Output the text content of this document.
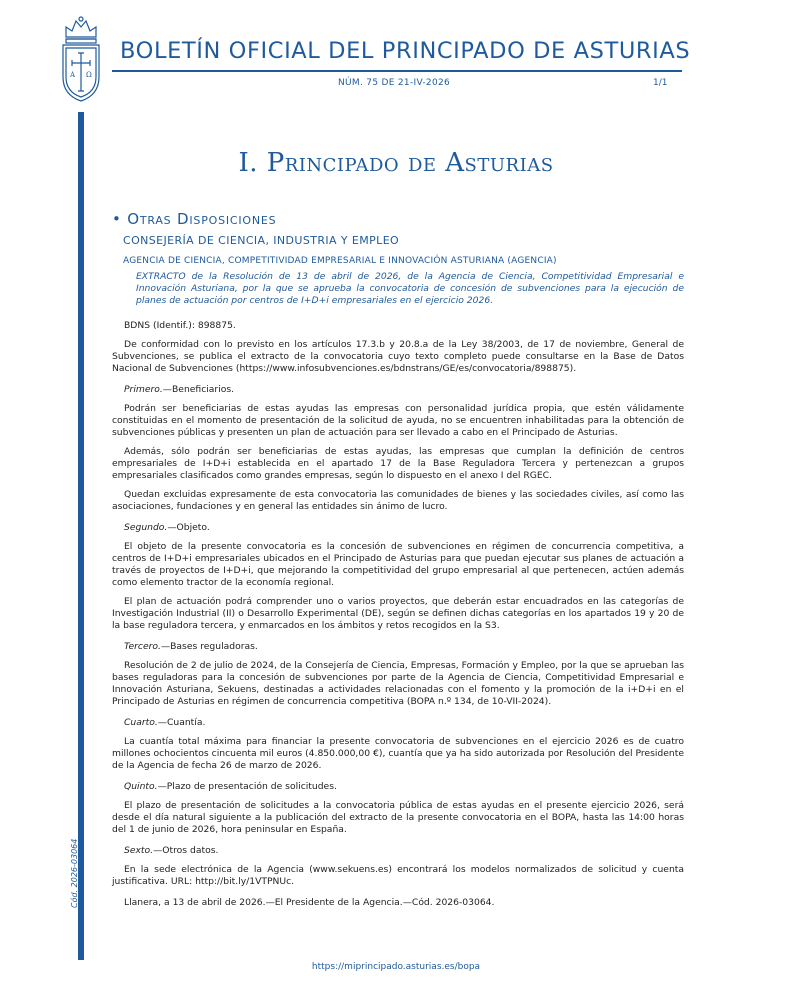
A Ω
BOLETÍN OFICIAL DEL PRINCIPADO DE ASTURIAS
NÚM. 75 DE 21-IV-2026	1/1
Cód. 2026-03064
I. Principado de Asturias
• Otras Disposiciones
CONSEJERÍA DE CIENCIA, INDUSTRIA Y EMPLEO
AGENCIA DE CIENCIA, COMPETITIVIDAD EMPRESARIAL E INNOVACIÓN ASTURIANA (AGENCIA)
EXTRACTO de la Resolución de 13 de abril de 2026, de la Agencia de Ciencia, Competitividad Empresarial e Innovación Asturiana, por la que se aprueba la convocatoria de concesión de subvenciones para la ejecución de planes de actuación por centros de I+D+i empresariales en el ejercicio 2026.

BDNS (Identif.): 898875.

De conformidad con lo previsto en los artículos 17.3.b y 20.8.a de la Ley 38/2003, de 17 de noviembre, General de Subvenciones, se publica el extracto de la convocatoria cuyo texto completo puede consultarse en la Base de Datos Nacional de Subvenciones (https://www.infosubvenciones.es/bdnstrans/GE/es/convocatoria/898875).

Primero.—Beneficiarios.

Podrán ser beneficiarias de estas ayudas las empresas con personalidad jurídica propia, que estén válidamente constituidas en el momento de presentación de la solicitud de ayuda, no se encuentren inhabilitadas para la obtención de subvenciones públicas y presenten un plan de actuación para ser llevado a cabo en el Principado de Asturias.

Además, sólo podrán ser beneficiarias de estas ayudas, las empresas que cumplan la definición de centros empresariales de I+D+i establecida en el apartado 17 de la Base Reguladora Tercera y pertenezcan a grupos empresariales clasificados como grandes empresas, según lo dispuesto en el anexo I del RGEC.

Quedan excluidas expresamente de esta convocatoria las comunidades de bienes y las sociedades civiles, así como las asociaciones, fundaciones y en general las entidades sin ánimo de lucro.

Segundo.—Objeto.

El objeto de la presente convocatoria es la concesión de subvenciones en régimen de concurrencia competitiva, a centros de I+D+i empresariales ubicados en el Principado de Asturias para que puedan ejecutar sus planes de actuación a través de proyectos de I+D+i, que mejorando la competitividad del grupo empresarial al que pertenecen, actúen además como elemento tractor de la economía regional.

El plan de actuación podrá comprender uno o varios proyectos, que deberán estar encuadrados en las categorías de Investigación Industrial (II) o Desarrollo Experimental (DE), según se definen dichas categorías en los apartados 19 y 20 de la base reguladora tercera, y enmarcados en los ámbitos y retos recogidos en la S3.

Tercero.—Bases reguladoras.

Resolución de 2 de julio de 2024, de la Consejería de Ciencia, Empresas, Formación y Empleo, por la que se aprueban las bases reguladoras para la concesión de subvenciones por parte de la Agencia de Ciencia, Competitividad Empresarial e Innovación Asturiana, Sekuens, destinadas a actividades relacionadas con el fomento y la promoción de la i+D+i en el Principado de Asturias en régimen de concurrencia competitiva (BOPA n.º 134, de 10-VII-2024).

Cuarto.—Cuantía.

La cuantía total máxima para financiar la presente convocatoria de subvenciones en el ejercicio 2026 es de cuatro millones ochocientos cincuenta mil euros (4.850.000,00 €), cuantía que ya ha sido autorizada por Resolución del Presidente de la Agencia de fecha 26 de marzo de 2026.

Quinto.—Plazo de presentación de solicitudes.

El plazo de presentación de solicitudes a la convocatoria pública de estas ayudas en el presente ejercicio 2026, será desde el día natural siguiente a la publicación del extracto de la presente convocatoria en el BOPA, hasta las 14:00 horas del 1 de junio de 2026, hora peninsular en España.

Sexto.—Otros datos.

En la sede electrónica de la Agencia (www.sekuens.es) encontrará los modelos normalizados de solicitud y cuenta justificativa. URL: http://bit.ly/1VTPNUc.

Llanera, a 13 de abril de 2026.—El Presidente de la Agencia.—Cód. 2026-03064.

https://miprincipado.asturias.es/bopa
